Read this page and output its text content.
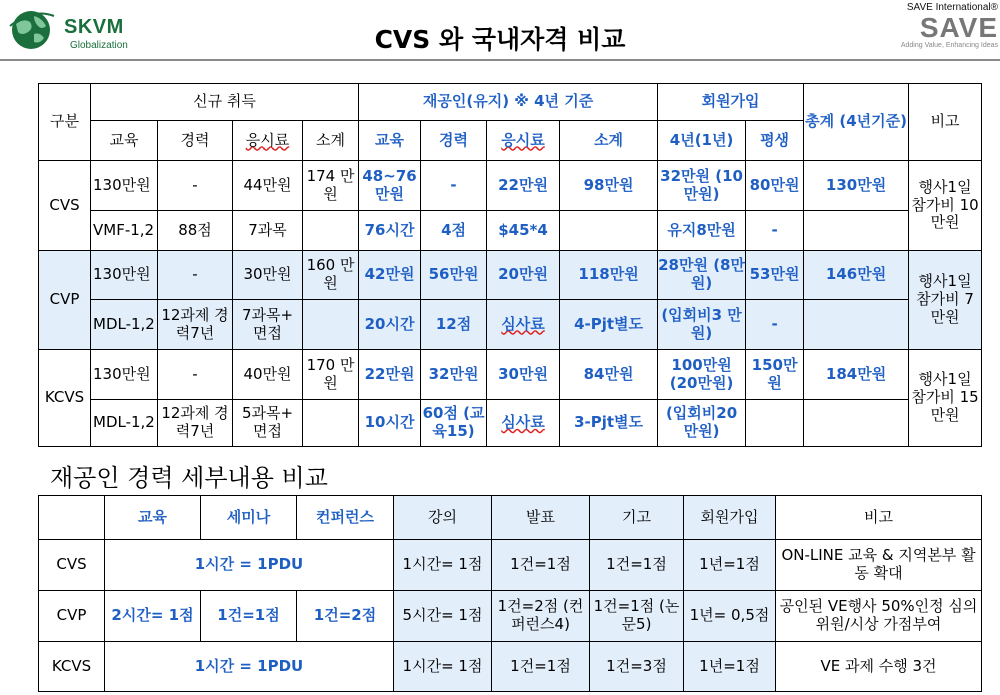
SKVM
Globalization	CVS 와 국내자격 비교
SAVE International®
SAVE
Adding Value, Enhancing Ideas
구분	신규 취득				재공인(유지) ※ 4년 기준				회원가입		총계 (4년기준)	비고
	교육	경력	응시료	소계	교육	경력	응시료	소계	4년(1년)	평생		
CVS	130만원	-	44만원	174 만원	48~76 만원	-	22만원	98만원	32만원 (10만원)	80만원	130만원	행사1일 참가비 10만원
	VMF-1,2	88점	7과목		76시간	4점	$45*4		유지8만원	-		
CVP	130만원	-	30만원	160 만원	42만원	56만원	20만원	118만원	28만원 (8만원)	53만원	146만원	행사1일 참가비 7만원
	MDL-1,2	12과제 경력7년	7과목+ 면접		20시간	12점	심사료	4-Pjt별도	(입회비3 만원)	-		
KCVS	130만원	-	40만원	170 만원	22만원	32만원	30만원	84만원	100만원 (20만원)	150만 원	184만원	행사1일 참가비 15만원
	MDL-1,2	12과제 경력7년	5과목+ 면접		10시간	60점 (교육15)	심사료	3-Pjt별도	(입회비20 만원)			
재공인 경력 세부내용 비교
	교육	세미나	컨퍼런스	강의	발표	기고	회원가입	비고
CVS	1시간 = 1PDU			1시간= 1점	1건=1점	1건=1점	1년=1점	ON-LINE 교육 & 지역본부 활동 확대
CVP	2시간= 1점	1건=1점	1건=2점	5시간= 1점	1건=2점 (컨퍼런스4)	1건=1점 (논문5)	1년= 0,5점	공인된 VE행사 50%인정 심의위원/시상 가점부여
KCVS	1시간 = 1PDU			1시간= 1점	1건=1점	1건=3점	1년=1점	VE 과제 수행 3건
